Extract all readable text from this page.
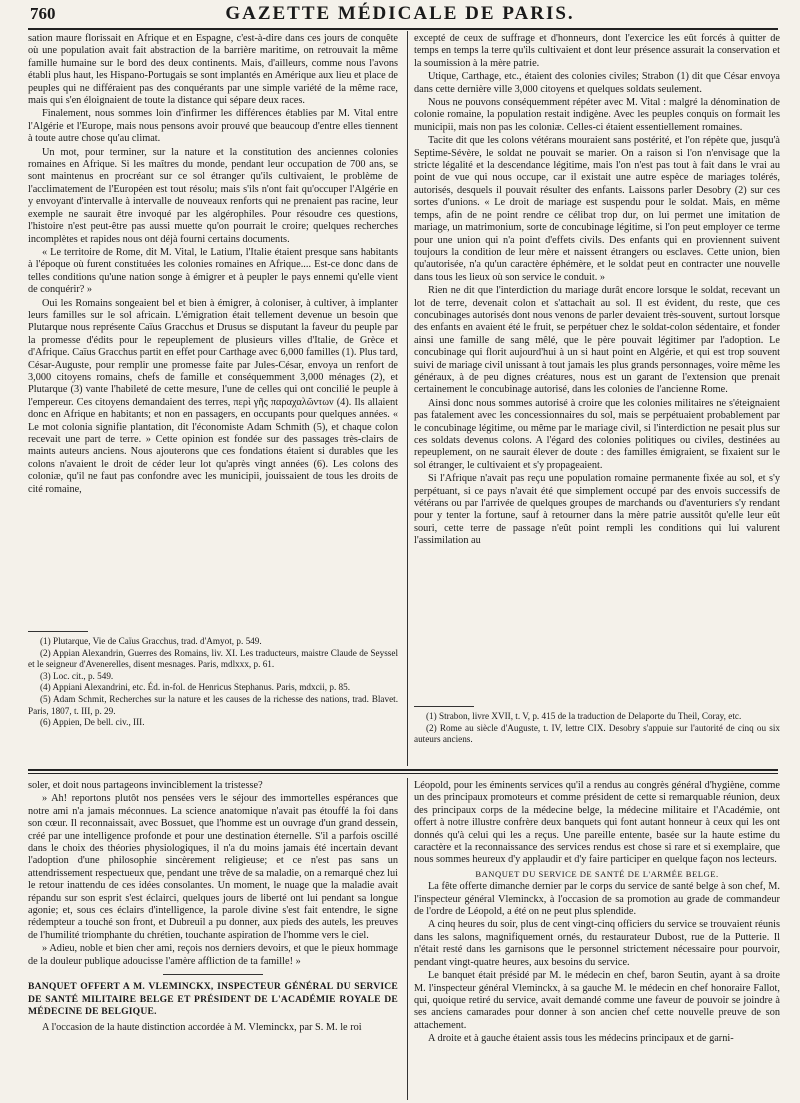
760	GAZETTE MÉDICALE DE PARIS.

sation maure florissait en Afrique et en Espagne, c'est-à-dire dans ces jours de conquête où une population avait fait abstraction de la barrière maritime, on retrouvait la même famille humaine sur le bord des deux continents. Mais, d'ailleurs, comme nous l'avons établi plus haut, les Hispano-Portugais se sont implantés en Amérique aux lieu et place de peuples qui ne différaient pas des conquérants par une simple variété de la même race, mais qui s'en éloignaient de toute la distance qui sépare deux races.

Finalement, nous sommes loin d'infirmer les différences établies par M. Vital entre l'Algérie et l'Europe, mais nous pensons avoir prouvé que beaucoup d'entre elles tiennent à toute autre chose qu'au climat.

Un mot, pour terminer, sur la nature et la constitution des anciennes colonies romaines en Afrique. Si les maîtres du monde, pendant leur occupation de 700 ans, se sont maintenus en procréant sur ce sol étranger qu'ils cultivaient, le problème de l'acclimatement de l'Européen est tout résolu; mais s'ils n'ont fait qu'occuper l'Algérie en y envoyant d'intervalle à intervalle de nouveaux renforts qui ne prenaient pas racine, leur exemple ne saurait être invoqué par les algérophiles. Pour résoudre ces questions, l'histoire n'est peut-être pas aussi muette qu'on pourrait le croire; quelques recherches incomplètes et rapides nous ont déjà fourni certains documents.

« Le territoire de Rome, dit M. Vital, le Latium, l'Italie étaient presque sans habitants à l'époque où furent constituées les colonies romaines en Afrique.... Est-ce donc dans de telles conditions qu'une nation songe à émigrer et à peupler le pays ennemi qu'elle vient de conquérir? »

Oui les Romains songeaient bel et bien à émigrer, à coloniser, à cultiver, à implanter leurs familles sur le sol africain. L'émigration était tellement devenue un besoin que Plutarque nous représente Caïus Gracchus et Drusus se disputant la faveur du peuple par la promesse d'édits pour le repeuplement de plusieurs villes d'Italie, de Grèce et d'Afrique. Caïus Gracchus partit en effet pour Carthage avec 6,000 familles (1). Plus tard, César-Auguste, pour remplir une promesse faite par Jules-César, envoya un renfort de 3,000 citoyens romains, chefs de famille et conséquemment 3,000 ménages (2), et Plutarque (3) vante l'habileté de cette mesure, l'une de celles qui ont concilié le peuple à l'empereur. Ces citoyens demandaient des terres, περὶ γῆς παραχαλῶντων (4). Ils allaient donc en Afrique en habitants; et non en passagers, en occupants pour quelques années. « Le mot colonia signifie plantation, dit l'économiste Adam Schmith (5), et chaque colon recevait une part de terre. » Cette opinion est fondée sur des passages très-clairs de maints auteurs anciens. Nous ajouterons que ces fondations étaient si durables que les colons n'avaient le droit de céder leur lot qu'après vingt années (6). Les colons des coloniæ, qu'il ne faut pas confondre avec les municipii, jouissaient de tous les droits de cité romaine,

(1) Plutarque, Vie de Caïus Gracchus, trad. d'Amyot, p. 549.

(2) Appian Alexandrin, Guerres des Romains, liv. XI. Les traducteurs, maistre Claude de Seyssel et le seigneur d'Avenerelles, disent mesnages. Paris, mdlxxx, p. 61.

(3) Loc. cit., p. 549.

(4) Appiani Alexandrini, etc. Éd. in-fol. de Henricus Stephanus. Paris, mdxcii, p. 85.

(5) Adam Schmit, Recherches sur la nature et les causes de la richesse des nations, trad. Blavet. Paris, 1807, t. III, p. 29.

(6) Appien, De bell. civ., III.

excepté de ceux de suffrage et d'honneurs, dont l'exercice les eût forcés à quitter de temps en temps la terre qu'ils cultivaient et dont leur présence assurait la conservation et la soumission à la mère patrie.

Utique, Carthage, etc., étaient des colonies civiles; Strabon (1) dit que César envoya dans cette dernière ville 3,000 citoyens et quelques soldats seulement.

Nous ne pouvons conséquemment répéter avec M. Vital : malgré la dénomination de colonie romaine, la population restait indigène. Avec les peuples conquis on formait les municipii, mais non pas les coloniæ. Celles-ci étaient essentiellement romaines.

Tacite dit que les colons vétérans mouraient sans postérité, et l'on répète que, jusqu'à Septime-Sévère, le soldat ne pouvait se marier. On a raison si l'on n'envisage que la stricte légalité et la descendance légitime, mais l'on n'est pas tout à fait dans le vrai au point de vue qui nous occupe, car il existait une autre espèce de mariages tolérés, autorisés, desquels il pouvait résulter des enfants. Laissons parler Desobry (2) sur ces sortes d'unions. « Le droit de mariage est suspendu pour le soldat. Mais, en même temps, afin de ne point rendre ce célibat trop dur, on lui permet une imitation de mariage, un matrimonium, sorte de concubinage légitime, si l'on peut employer ce terme pour une union qui n'a point d'effets civils. Des enfants qui en proviennent suivent toujours la condition de leur mère et naissent étrangers ou esclaves. Cette union, bien qu'autorisée, n'a qu'un caractère éphémère, et le soldat peut en contracter une nouvelle dans tous les lieux où son service le conduit. »

Rien ne dit que l'interdiction du mariage durât encore lorsque le soldat, recevant un lot de terre, devenait colon et s'attachait au sol. Il est évident, du reste, que ces concubinages autorisés dont nous venons de parler devaient très-souvent, surtout lorsque des enfants en avaient été le fruit, se perpétuer chez le soldat-colon sédentaire, et fonder ainsi une famille de sang mêlé, que le père pouvait légitimer par l'adoption. Le concubinage qui florit aujourd'hui à un si haut point en Algérie, et qui est trop souvent suivi de mariage civil unissant à tout jamais les plus grands personnages, voire même les généraux, à de peu dignes créatures, nous est un garant de l'extension que prenait certainement le concubinage autorisé, dans les colonies de l'ancienne Rome.

Ainsi donc nous sommes autorisé à croire que les colonies militaires ne s'éteignaient pas fatalement avec les concessionnaires du sol, mais se perpétuaient probablement par le concubinage légitime, ou même par le mariage civil, si l'interdiction ne pesait plus sur ces soldats devenus colons. A l'égard des colonies politiques ou civiles, destinées au repeuplement, on ne saurait élever de doute : des familles émigraient, se fixaient sur le sol étranger, le cultivaient et s'y propageaient.

Si l'Afrique n'avait pas reçu une population romaine permanente fixée au sol, et s'y perpétuant, si ce pays n'avait été que simplement occupé par des envois successifs de vétérans ou par l'arrivée de quelques groupes de marchands ou d'aventuriers s'y rendant pour y tenter la fortune, sauf à retourner dans la mère patrie aussitôt qu'elle leur eût souri, cette terre de passage n'eût point rempli les conditions qui lui valurent l'assimilation au

(1) Strabon, livre XVII, t. V, p. 415 de la traduction de Delaporte du Theil, Coray, etc.

(2) Rome au siècle d'Auguste, t. IV, lettre CIX. Desobry s'appuie sur l'autorité de cinq ou six auteurs anciens.

soler, et doit nous partageons invinciblement la tristesse?

» Ah! reportons plutôt nos pensées vers le séjour des immortelles espérances que notre ami n'a jamais méconnues. La science anatomique n'avait pas étouffé la foi dans son cœur. Il reconnaissait, avec Bossuet, que l'homme est un ouvrage d'un grand dessein, créé par une intelligence profonde et pour une destination éternelle. S'il a parfois oscillé dans le choix des théories physiologiques, il n'a du moins jamais été incertain devant l'adoption d'une philosophie sincèrement religieuse; et ce n'est pas sans un attendrissement respectueux que, pendant une trêve de sa maladie, on a remarqué chez lui le retour inattendu de ces idées consolantes. Un moment, le nuage que la maladie avait répandu sur son esprit s'est éclairci, quelques jours de liberté ont lui pendant sa longue agonie; et, sous ces éclairs d'intelligence, la parole divine s'est fait entendre, le signe rédempteur a touché son front, et Dubreuil a pu donner, aux pieds des autels, les preuves de l'humilité triomphante du chrétien, touchante aspiration de l'homme vers le ciel.

» Adieu, noble et bien cher ami, reçois nos derniers devoirs, et que le pieux hommage de la douleur publique adoucisse l'amère affliction de ta famille! »

BANQUET OFFERT A M. VLEMINCKX, INSPECTEUR GÉNÉRAL DU SERVICE DE SANTÉ MILITAIRE BELGE ET PRÉSIDENT DE L'ACADÉMIE ROYALE DE MÉDECINE DE BELGIQUE.

A l'occasion de la haute distinction accordée à M. Vleminckx, par S. M. le roi

Léopold, pour les éminents services qu'il a rendus au congrès général d'hygiène, comme un des principaux promoteurs et comme président de cette si remarquable réunion, deux des principaux corps de la médecine belge, la médecine militaire et l'Académie, ont offert à notre illustre confrère deux banquets qui font autant honneur à ceux qui les ont donnés qu'à celui qui les a reçus. Une pareille entente, basée sur la haute estime du caractère et la reconnaissance des services rendus est chose si rare et si exemplaire, que nous sommes heureux d'y applaudir et d'y faire participer en quelque façon nos lecteurs.

BANQUET DU SERVICE DE SANTÉ DE L'ARMÉE BELGE.

La fête offerte dimanche dernier par le corps du service de santé belge à son chef, M. l'inspecteur général Vleminckx, à l'occasion de sa promotion au grade de commandeur de l'ordre de Léopold, a été on ne peut plus splendide.

A cinq heures du soir, plus de cent vingt-cinq officiers du service se trouvaient réunis dans les salons, magnifiquement ornés, du restaurateur Dubost, rue de la Putterie. Il n'était resté dans les garnisons que le personnel strictement nécessaire pour pourvoir, pendant vingt-quatre heures, aux besoins du service.

Le banquet était présidé par M. le médecin en chef, baron Seutin, ayant à sa droite M. l'inspecteur général Vleminckx, à sa gauche M. le médecin en chef honoraire Fallot, qui, quoique retiré du service, avait demandé comme une faveur de pouvoir se joindre à ses anciens camarades pour donner à son ancien chef cette nouvelle preuve de son attachement.

A droite et à gauche étaient assis tous les médecins principaux et de garni-
